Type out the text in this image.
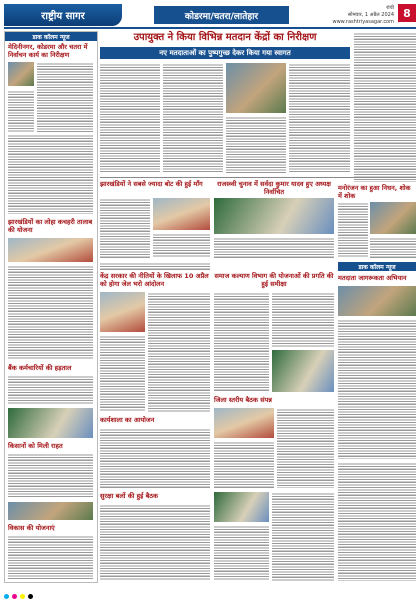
राष्ट्रीय सागर	कोडरमा/चतरा/लातेहार
रांची
सोमवार, 1 अप्रैल 2024
www.rashtriyasagar.com
8
डाक कॉलम न्यूज
मेदिनीनगर, कोडरमा और चतरा में निर्वाचन कार्य का निरीक्षण
झारखंडियों का लोहा कचहरी तालाब की योजना
बैंक कर्मचारियों की हड़ताल
किसानों को मिली राहत
विकास की योजनाएं
उपायुक्त ने किया विभिन्न मतदान केंद्रों का निरीक्षण
नए मतदाताओं का पुष्पगुच्छ देकर किया गया स्वागत
झारखंडियों ने सबसे ज्यादा बोट की हुई माँग	राजस्व्वी चुनाव में सर्वदा कुमार यादव हुए अध्यक्ष निर्वाचित	मनोरंजन का हुआ निधन, शोक में शोक
केंद्र सरकार की नीतियों के खिलाफ 10 अप्रैल को होगा जेल भरो आंदोलन
समाज कल्याण विभाग की योजनाओं की प्रगति की हुई समीक्षा
डाक कॉलम न्यूज
मतदाता जागरूकता अभियान
कार्यशाला का आयोजन
जिला स्तरीय बैठक संपन्न
सुरक्षा बलों की हुई बैठक
